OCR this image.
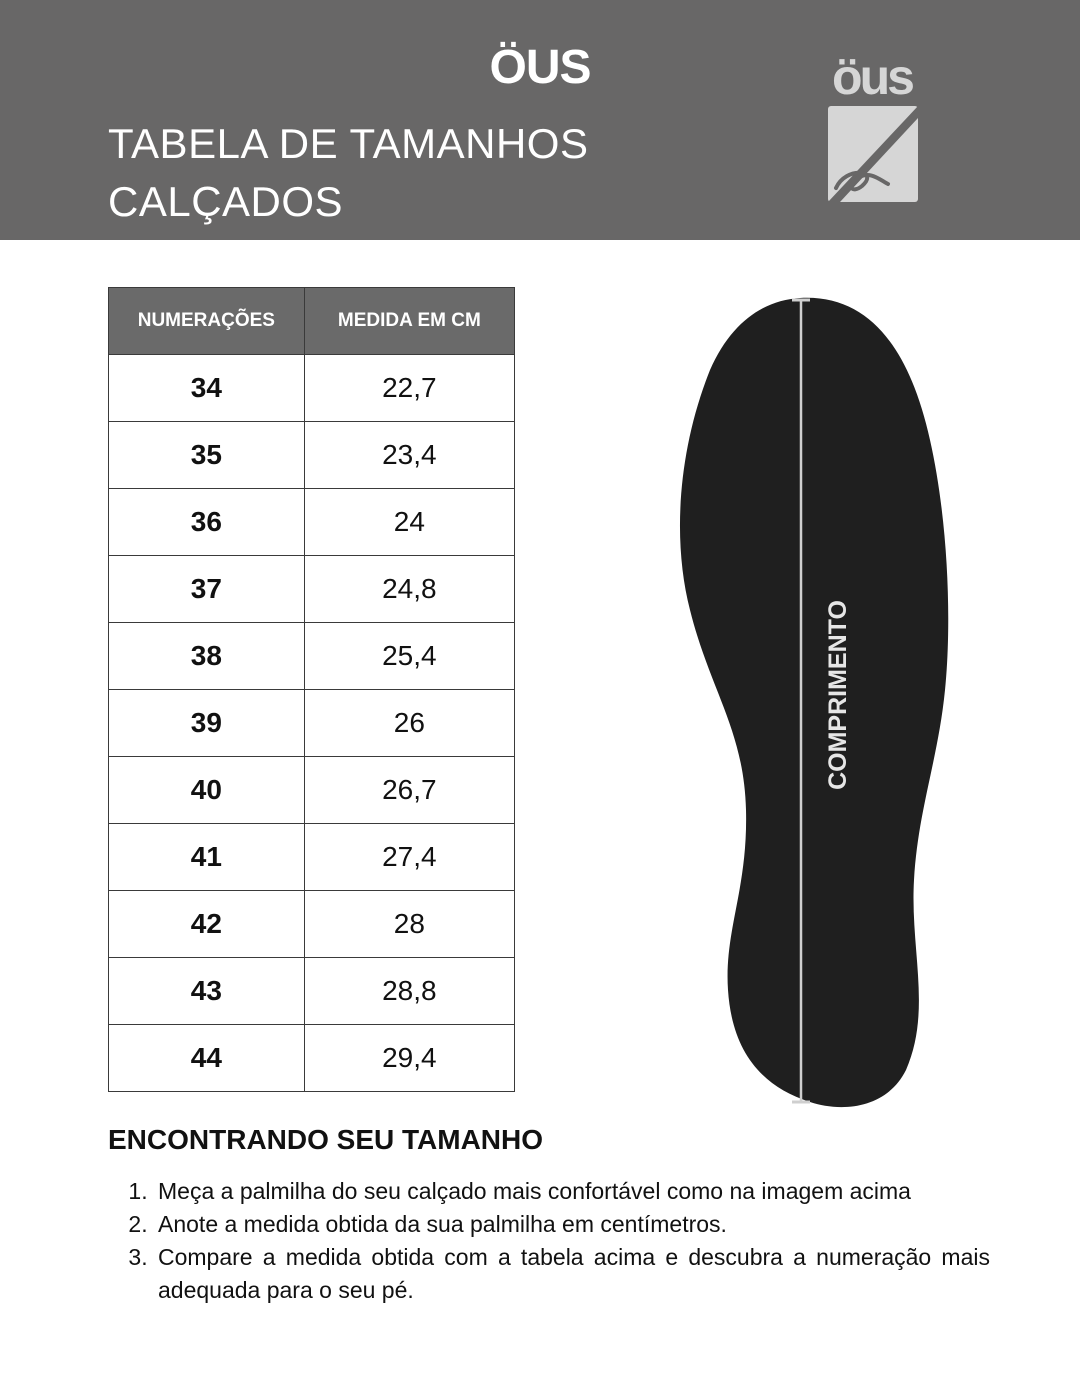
ÖUS
TABELA DE TAMANHOS
CALÇADOS
öus
NUMERAÇÕES	MEDIDA EM CM
34	22,7
35	23,4
36	24
37	24,8
38	25,4
39	26
40	26,7
41	27,4
42	28
43	28,8
44	29,4
COMPRIMENTO
ENCONTRANDO SEU TAMANHO
1. Meça a palmilha do seu calçado mais confortável como na imagem acima
2. Anote a medida obtida da sua palmilha em centímetros.
3. Compare a medida obtida com a tabela acima e descubra a numeração mais adequada para o seu pé.
